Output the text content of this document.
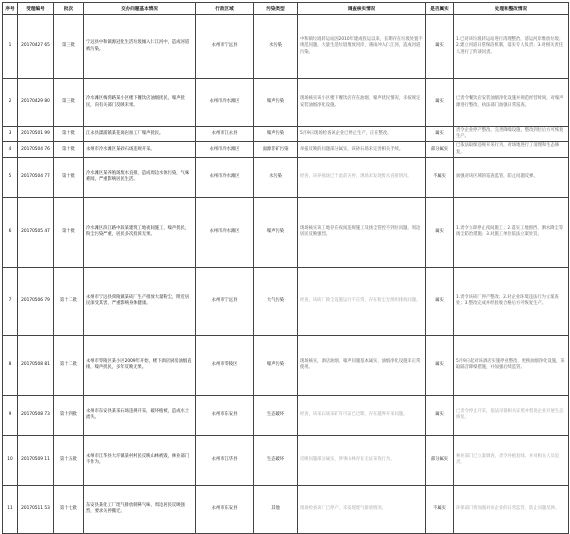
序号	受理编号	批次	交办问题基本情况	行政区域	污染类型	调查核实情况	是否属实	处理和整改情况
1	20170427 65	第三批	宁远县中和镇源冠化生活垃圾倾入仁江河中，造成河道被污染。	永州市宁远县	水污染	中和镇垃圾转运站因2010年建成投运以来，长期存在垃圾处置不规范问题，大量生活垃圾堆放河岸，遇雨冲入仁江河，造成河道污染。	属实	1.已对该垃圾转运站进行清理整治，清运河岸堆放垃圾；2.建立河道日常保洁机制，落实专人负责；3.对相关责任人进行了约谈问责。
2	20170429 80	第三批	冷水滩区梅湾路某小区楼下餐饮店油烟扰民，噪声扰民，向有关部门反映未果。	永州市冷水滩区	噪声污染	现场核实该小区楼下餐饮店存在油烟、噪声扰民情况，未按规定安装油烟净化设施。	属实	已责令餐饮店安装油烟净化设施并规范经营时间，对噪声源进行整改，执法部门加强日常巡查。
3	20170501 99	第十批	江永县潇浦镇某花岗岩加工厂噪声扰民。	永州市江永县	噪声污染	5月9日现场检查该企业已停止生产，正在整改。	属实	责令企业停产整改，完善降噪设施，整改到位后方可恢复生产。
4	20170504 76	第十批	永州市冷水滩区某砂石场违规开采。	永州市冷水滩区	面源非矿污染	举报反映的问题部分属实，该砂石场未完善相关手续。	部分属实	已依法取缔违规开采行为，对场地进行了清理和生态修复。
5	20170504 77	第十批	冷水滩区某养殖场废水直排，造成周边水体污染，气味难闻，严重影响居民生活。	永州市冷水滩区	水污染	经查，该养殖场已于此前关停，现场未发现废水直排情况。	不属实	加强对该区域的巡查监管，防止问题反弹。
6	20170505 47	第十批	冷水滩区滨江路中段某建筑工地夜间施工，噪声扰民，粉尘污染严重，居民多次投诉无果。	永州市冷水滩区	噪声污染	现场核实该工地存在夜间违规施工及扬尘管控不到位问题，周边居民反映强烈。	属实	1.责令立即停止夜间施工；2.落实工地围挡、洒水降尘等扬尘防治措施；3.对施工单位依法立案处罚。
7	20170506 79	第十二批	永州市宁远县舜陵镇某砖厂生产排放大量粉尘，附近居民深受其害，严重影响身体健康。	永州市宁远县	大气污染	经查，该砖厂除尘设施运行不正常，存在粉尘无组织排放问题。	属实	1.责令该砖厂停产整改；2.对企业环境违法行为立案查处；3.整改完成并经验收合格后方可恢复生产。
8	20170508 81	第十二批	永州市零陵区某小区2009年开始，楼下酒店厨房油烟直排，噪声扰民，多年反映无果。	永州市零陵区	噪声污染	现场核实，酒店油烟、噪声问题基本属实，油烟净化设施未正常使用。	属实	5月9日起对该酒店实施停业整改，更换油烟净化设施，采取隔音降噪措施，并加强后续监管。
9	20170508 73	第十四批	永州市东安县某采石场违规开采，破坏植被，造成水土流失。	永州市东安县	生态破坏	经查，该采石场采矿许可证已过期，存在越界开采问题。	属实	已责令停止开采，依法吊销相关证照并督促企业开展生态修复。
10	20170509 11	第十五批	永州市江华县大圩镇某村村民反映山林被毁，林业部门不作为。	永州市江华县	生态破坏	反映问题部分属实，涉事山林存在无证采伐行为。	部分属实	林业部门已立案调查，责令补植复绿，并对相关人员追责。
11	20170511 53	第十七批	东安县某化工厂废气排放刺鼻气味，周边居民反映强烈，要求关停搬迁。	永州市东安县	其他	现场检查该厂已停产，未发现废气排放情况。	不属实	环保部门将加强对该企业的日常监管，防止问题反弹。
